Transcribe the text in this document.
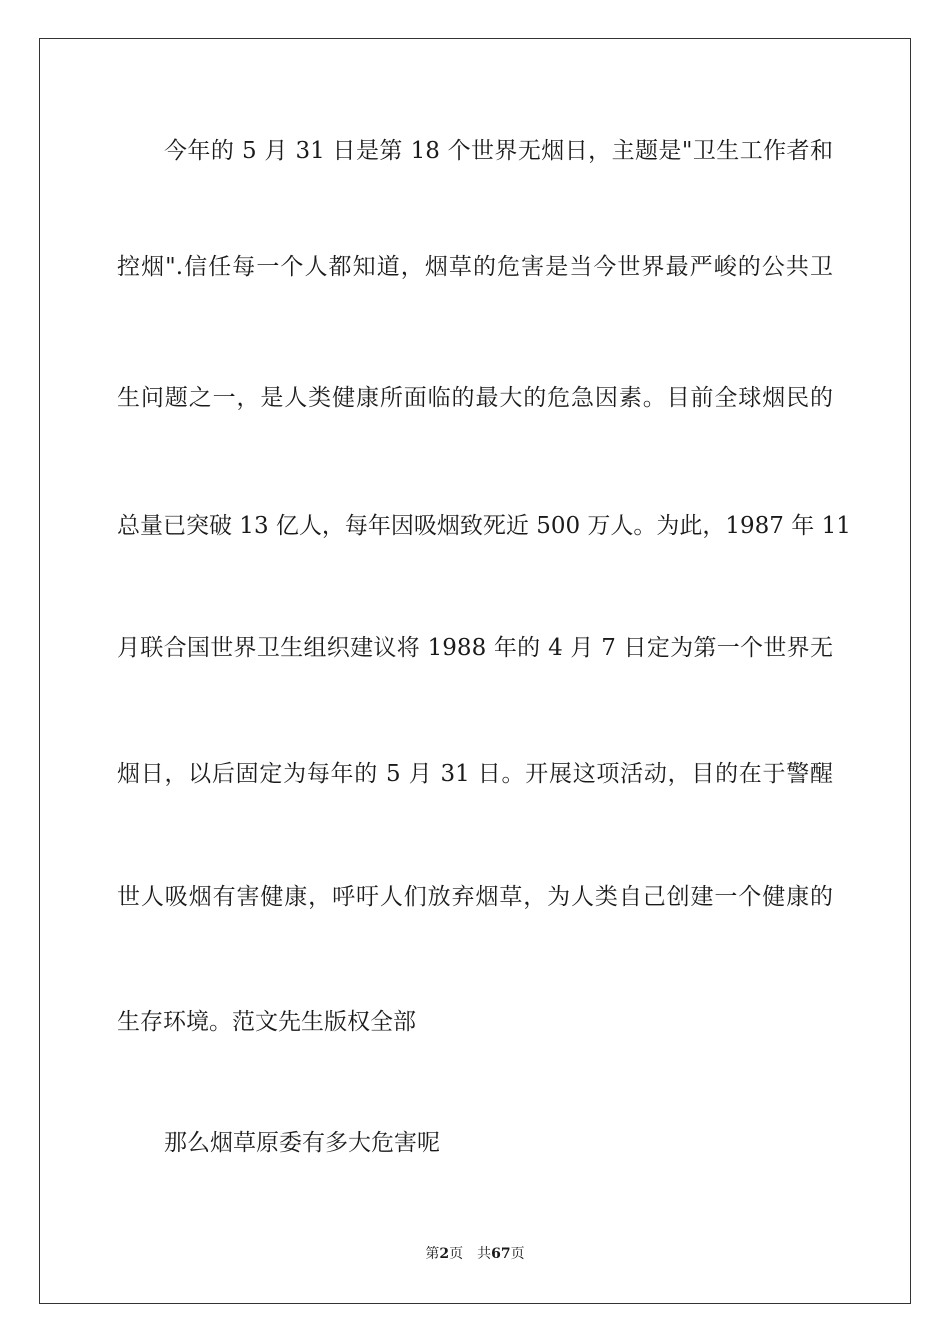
今年的 5 月 31 日是第 18 个世界无烟日，主题是"卫生工作者和
控烟".信任每一个人都知道，烟草的危害是当今世界最严峻的公共卫
生问题之一，是人类健康所面临的最大的危急因素。目前全球烟民的
总量已突破 13 亿人，每年因吸烟致死近 500 万人。为此，1987 年 11
月联合国世界卫生组织建议将 1988 年的 4 月 7 日定为第一个世界无
烟日，以后固定为每年的 5 月 31 日。开展这项活动，目的在于警醒
世人吸烟有害健康，呼吁人们放弃烟草，为人类自己创建一个健康的
生存环境。范文先生版权全部
那么烟草原委有多大危害呢
第2页 共67页
